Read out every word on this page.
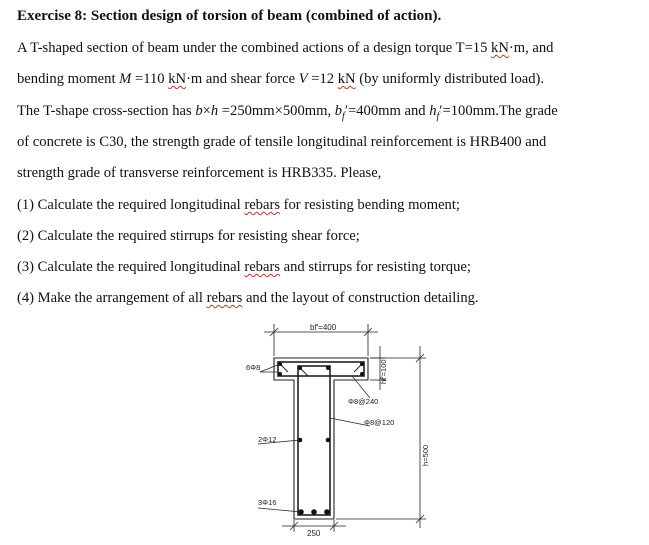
Exercise 8: Section design of torsion of beam (combined of action).
A T-shaped section of beam under the combined actions of a design torque T=15 kN·m, and
bending moment M =110 kN·m and shear force V =12 kN (by uniformly distributed load).
The T-shape cross-section has b×h =250mm×500mm, $b_f'=400mm$ and $h_f'=100mm.The$ grade
of concrete is C30, the strength grade of tensile longitudinal reinforcement is HRB400 and
strength grade of transverse reinforcement is HRB335. Please,
(1) Calculate the required longitudinal rebars for resisting bending moment;
(2) Calculate the required stirrups for resisting shear force;
(3) Calculate the required longitudinal rebars and stirrups for resisting torque;
(4) Make the arrangement of all rebars and the layout of construction detailing.
bf′=400
6Φ8
Φ8@240
Φ8@120
2Φ12
3Φ16
250
hf′=100
h=500
